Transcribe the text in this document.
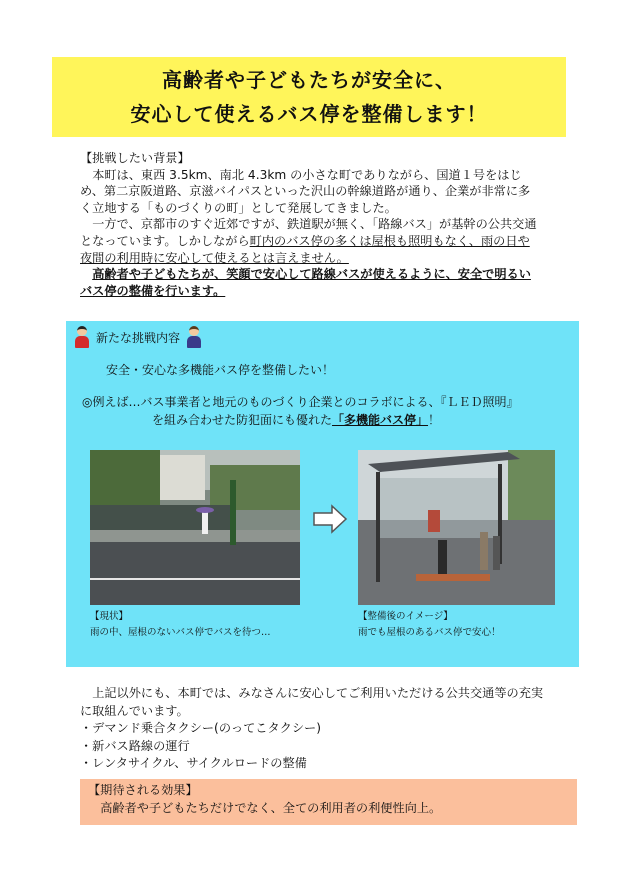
高齢者や子どもたちが安全に、
安心して使えるバス停を整備します！

【挑戦したい背景】

本町は、東西 3.5km、南北 4.3km の小さな町でありながら、国道１号をはじめ、第二京阪道路、京滋バイパスといった沢山の幹線道路が通り、企業が非常に多く立地する「ものづくりの町」として発展してきました。

一方で、京都市のすぐ近郊ですが、鉄道駅が無く、「路線バス」が基幹の公共交通となっています。しかしながら町内のバス停の多くは屋根も照明もなく、雨の日や夜間の利用時に安心して使えるとは言えません。

高齢者や子どもたちが、笑顔で安心して路線バスが使えるように、安全で明るいバス停の整備を行います。

新たな挑戦内容
安全・安心な多機能バス停を整備したい！
◎例えば…バス事業者と地元のものづくり企業とのコラボによる、『ＬＥＤ照明』
を組み合わせた防犯面にも優れた「多機能バス停」！
【現状】
雨の中、屋根のないバス停でバスを待つ…
【整備後のイメージ】
雨でも屋根のあるバス停で安心！

上記以外にも、本町では、みなさんに安心してご利用いただける公共交通等の充実に取組んでいます。

・デマンド乗合タクシー(のってこタクシー)

・新バス路線の運行

・レンタサイクル、サイクルロードの整備

【期待される効果】
高齢者や子どもたちだけでなく、全ての利用者の利便性向上。
